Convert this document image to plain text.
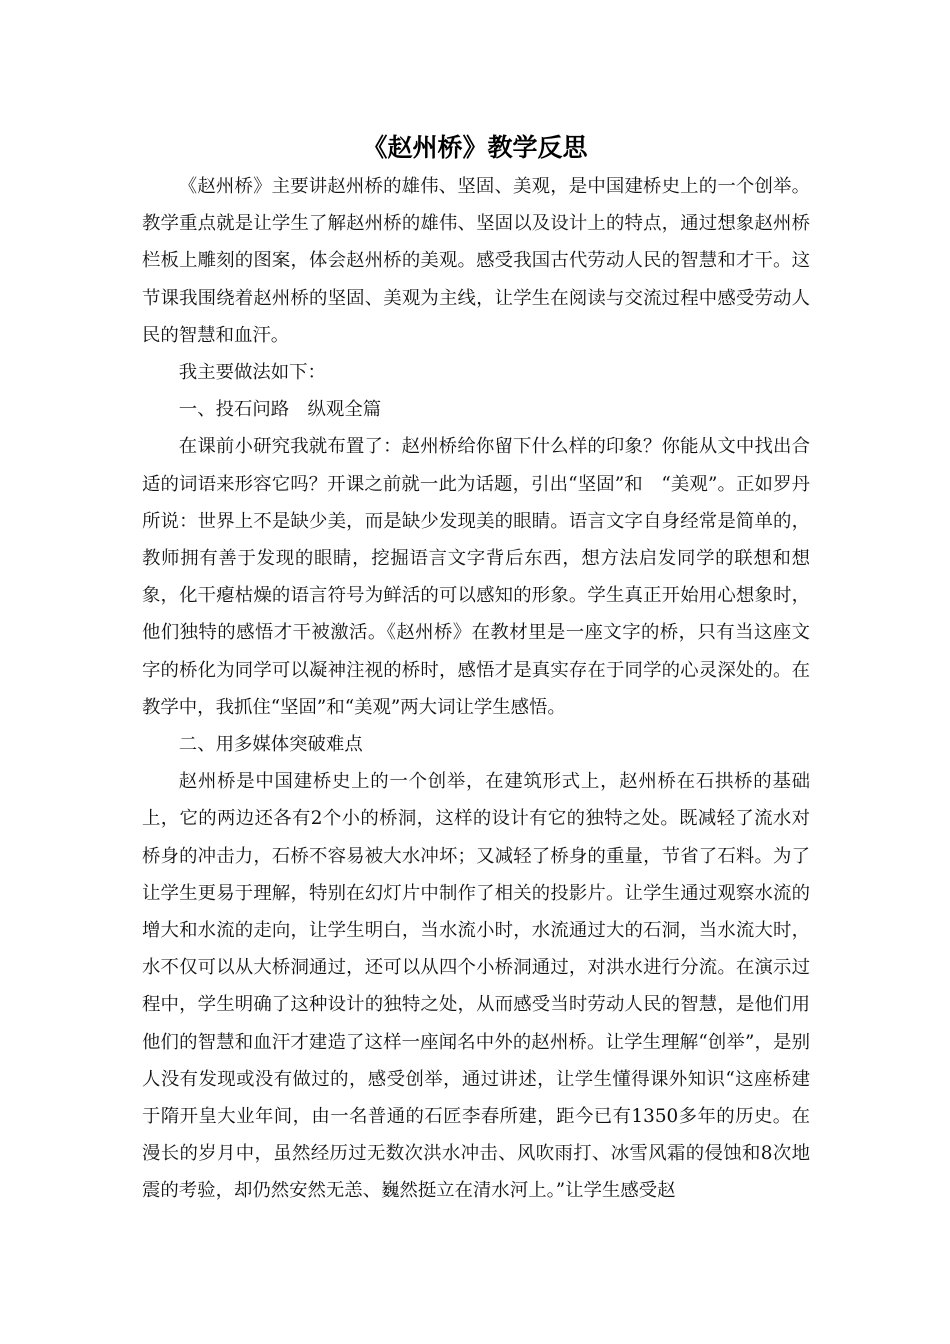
《赵州桥》教学反思

《赵州桥》主要讲赵州桥的雄伟、坚固、美观，是中国建桥史上的一个创举。教学重点就是让学生了解赵州桥的雄伟、坚固以及设计上的特点，通过想象赵州桥栏板上雕刻的图案，体会赵州桥的美观。感受我国古代劳动人民的智慧和才干。这节课我围绕着赵州桥的坚固、美观为主线，让学生在阅读与交流过程中感受劳动人民的智慧和血汗。

我主要做法如下：

一、投石问路　纵观全篇

在课前小研究我就布置了：赵州桥给你留下什么样的印象？你能从文中找出合适的词语来形容它吗？开课之前就一此为话题，引出“坚固”和　“美观”。正如罗丹所说：世界上不是缺少美，而是缺少发现美的眼睛。语言文字自身经常是简单的，教师拥有善于发现的眼睛，挖掘语言文字背后东西，想方法启发同学的联想和想象，化干瘪枯燥的语言符号为鲜活的可以感知的形象。学生真正开始用心想象时，他们独特的感悟才干被激活。《赵州桥》在教材里是一座文字的桥，只有当这座文字的桥化为同学可以凝神注视的桥时，感悟才是真实存在于同学的心灵深处的。在教学中，我抓住“坚固”和“美观”两大词让学生感悟。

二、用多媒体突破难点

赵州桥是中国建桥史上的一个创举，在建筑形式上，赵州桥在石拱桥的基础上，它的两边还各有2个小的桥洞，这样的设计有它的独特之处。既减轻了流水对桥身的冲击力，石桥不容易被大水冲坏；又减轻了桥身的重量，节省了石料。为了让学生更易于理解，特别在幻灯片中制作了相关的投影片。让学生通过观察水流的增大和水流的走向，让学生明白，当水流小时，水流通过大的石洞，当水流大时，水不仅可以从大桥洞通过，还可以从四个小桥洞通过，对洪水进行分流。在演示过程中，学生明确了这种设计的独特之处，从而感受当时劳动人民的智慧，是他们用他们的智慧和血汗才建造了这样一座闻名中外的赵州桥。让学生理解“创举”，是别人没有发现或没有做过的，感受创举，通过讲述，让学生懂得课外知识“这座桥建于隋开皇大业年间，由一名普通的石匠李春所建，距今已有1350多年的历史。在漫长的岁月中，虽然经历过无数次洪水冲击、风吹雨打、冰雪风霜的侵蚀和8次地震的考验，却仍然安然无恙、巍然挺立在清水河上。”让学生感受赵
